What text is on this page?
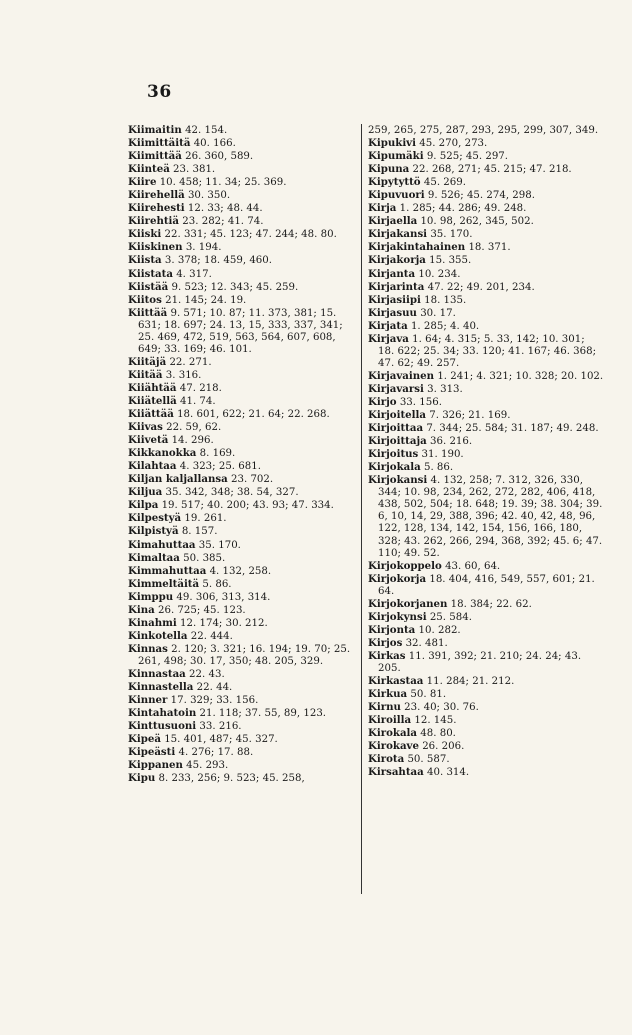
36

Kiimaitin 42. 154.

Kiimittäitä 40. 166.

Kiimittää 26. 360, 589.

Kiinteä 23. 381.

Kiire 10. 458; 11. 34; 25. 369.

Kiirehellä 30. 350.

Kiirehesti 12. 33; 48. 44.

Kiirehtiä 23. 282; 41. 74.

Kiiski 22. 331; 45. 123; 47. 244; 48. 80.

Kiiskinen 3. 194.

Kiista 3. 378; 18. 459, 460.

Kiistata 4. 317.

Kiistää 9. 523; 12. 343; 45. 259.

Kiitos 21. 145; 24. 19.

Kiittää 9. 571; 10. 87; 11. 373, 381; 15. 631; 18. 697; 24. 13, 15, 333, 337, 341; 25. 469, 472, 519, 563, 564, 607, 608, 649; 33. 169; 46. 101.

Kiitäjä 22. 271.

Kiitää 3. 316.

Kiiähtää 47. 218.

Kiiätellä 41. 74.

Kiiättää 18. 601, 622; 21. 64; 22. 268.

Kiivas 22. 59, 62.

Kiivetä 14. 296.

Kikkanokka 8. 169.

Kilahtaa 4. 323; 25. 681.

Kiljan kaljallansa 23. 702.

Kiljua 35. 342, 348; 38. 54, 327.

Kilpa 19. 517; 40. 200; 43. 93; 47. 334.

Kilpestyä 19. 261.

Kilpistyä 8. 157.

Kimahuttaa 35. 170.

Kimaltaa 50. 385.

Kimmahuttaa 4. 132, 258.

Kimmeltäitä 5. 86.

Kimppu 49. 306, 313, 314.

Kina 26. 725; 45. 123.

Kinahmi 12. 174; 30. 212.

Kinkotella 22. 444.

Kinnas 2. 120; 3. 321; 16. 194; 19. 70; 25. 261, 498; 30. 17, 350; 48. 205, 329.

Kinnastaa 22. 43.

Kinnastella 22. 44.

Kinner 17. 329; 33. 156.

Kintahatoin 21. 118; 37. 55, 89, 123.

Kinttusuoni 33. 216.

Kipeä 15. 401, 487; 45. 327.

Kipeästi 4. 276; 17. 88.

Kippanen 45. 293.

Kipu 8. 233, 256; 9. 523; 45. 258,

259, 265, 275, 287, 293, 295, 299, 307, 349.

Kipukivi 45. 270, 273.

Kipumäki 9. 525; 45. 297.

Kipuna 22. 268, 271; 45. 215; 47. 218.

Kipytyttö 45. 269.

Kipuvuori 9. 526; 45. 274, 298.

Kirja 1. 285; 44. 286; 49. 248.

Kirjaella 10. 98, 262, 345, 502.

Kirjakansi 35. 170.

Kirjakintahainen 18. 371.

Kirjakorja 15. 355.

Kirjanta 10. 234.

Kirjarinta 47. 22; 49. 201, 234.

Kirjasiipi 18. 135.

Kirjasuu 30. 17.

Kirjata 1. 285; 4. 40.

Kirjava 1. 64; 4. 315; 5. 33, 142; 10. 301; 18. 622; 25. 34; 33. 120; 41. 167; 46. 368; 47. 62; 49. 257.

Kirjavainen 1. 241; 4. 321; 10. 328; 20. 102.

Kirjavarsi 3. 313.

Kirjo 33. 156.

Kirjoitella 7. 326; 21. 169.

Kirjoittaa 7. 344; 25. 584; 31. 187; 49. 248.

Kirjoittaja 36. 216.

Kirjoitus 31. 190.

Kirjokala 5. 86.

Kirjokansi 4. 132, 258; 7. 312, 326, 330, 344; 10. 98, 234, 262, 272, 282, 406, 418, 438, 502, 504; 18. 648; 19. 39; 38. 304; 39. 6, 10, 14, 29, 388, 396; 42. 40, 42, 48, 96, 122, 128, 134, 142, 154, 156, 166, 180, 328; 43. 262, 266, 294, 368, 392; 45. 6; 47. 110; 49. 52.

Kirjokoppelo 43. 60, 64.

Kirjokorja 18. 404, 416, 549, 557, 601; 21. 64.

Kirjokorjanen 18. 384; 22. 62.

Kirjokynsi 25. 584.

Kirjonta 10. 282.

Kirjos 32. 481.

Kirkas 11. 391, 392; 21. 210; 24. 24; 43. 205.

Kirkastaa 11. 284; 21. 212.

Kirkua 50. 81.

Kirnu 23. 40; 30. 76.

Kiroilla 12. 145.

Kirokala 48. 80.

Kirokave 26. 206.

Kirota 50. 587.

Kirsahtaa 40. 314.
